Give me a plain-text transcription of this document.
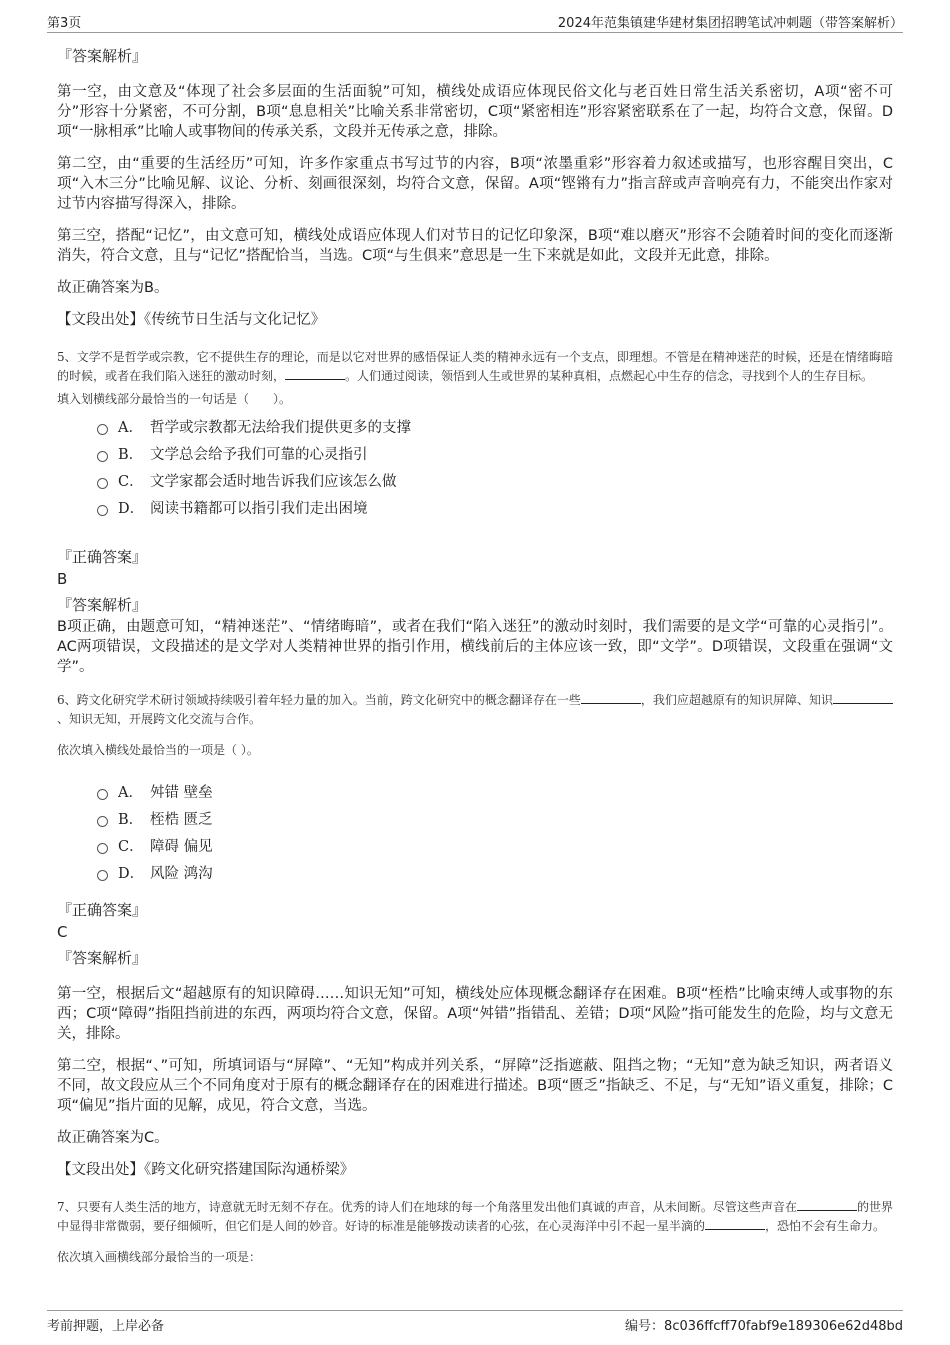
第3页	2024年范集镇建华建材集团招聘笔试冲刺题（带答案解析）
『答案解析』

第一空，由文意及“体现了社会多层面的生活面貌”可知，横线处成语应体现民俗文化与老百姓日常生活关系密切，A项“密不可分”形容十分紧密，不可分割，B项“息息相关”比喻关系非常密切，C项“紧密相连”形容紧密联系在了一起，均符合文意，保留。D项“一脉相承”比喻人或事物间的传承关系，文段并无传承之意，排除。

第二空，由“重要的生活经历”可知，许多作家重点书写过节的内容，B项“浓墨重彩”形容着力叙述或描写，也形容醒目突出，C项“入木三分”比喻见解、议论、分析、刻画很深刻，均符合文意，保留。A项“铿锵有力”指言辞或声音响亮有力，不能突出作家对过节内容描写得深入，排除。

第三空，搭配“记忆”，由文意可知，横线处成语应体现人们对节日的记忆印象深，B项“难以磨灭”形容不会随着时间的变化而逐渐消失，符合文意，且与“记忆”搭配恰当，当选。C项“与生俱来”意思是一生下来就是如此，文段并无此意，排除。

故正确答案为B。

【文段出处】《传统节日生活与文化记忆》

5、文学不是哲学或宗教，它不提供生存的理论，而是以它对世界的感悟保证人类的精神永远有一个支点，即理想。不管是在精神迷茫的时候，还是在情绪晦暗的时候，或者在我们陷入迷狂的激动时刻，	。人们通过阅读，领悟到人生或世界的某种真相，点燃起心中生存的信念，寻找到个人的生存目标。

填入划横线部分最恰当的一句话是（　　）。
A． 哲学或宗教都无法给我们提供更多的支撑
B． 文学总会给予我们可靠的心灵指引
C． 文学家都会适时地告诉我们应该怎么做
D． 阅读书籍都可以指引我们走出困境
『正确答案』
B
『答案解析』

B项正确，由题意可知，“精神迷茫”、“情绪晦暗”，或者在我们“陷入迷狂”的激动时刻时，我们需要的是文学“可靠的心灵指引”。AC两项错误，文段描述的是文学对人类精神世界的指引作用，横线前后的主体应该一致，即“文学”。D项错误，文段重在强调“文学”。

6、跨文化研究学术研讨领域持续吸引着年轻力量的加入。当前，跨文化研究中的概念翻译存在一些	，我们应超越原有的知识屏障、知识、知识无知，开展跨文化交流与合作。

依次填入横线处最恰当的一项是（ ）。
A． 舛错 壁垒
B． 桎梏 匮乏
C． 障碍 偏见
D． 风险 鸿沟
『正确答案』
C
『答案解析』

第一空，根据后文“超越原有的知识障碍……知识无知”可知，横线处应体现概念翻译存在困难。B项“桎梏”比喻束缚人或事物的东西；C项“障碍”指阻挡前进的东西，两项均符合文意，保留。A项“舛错”指错乱、差错；D项“风险”指可能发生的危险，均与文意无关，排除。

第二空，根据“、”可知，所填词语与“屏障”、“无知”构成并列关系，“屏障”泛指遮蔽、阻挡之物；“无知”意为缺乏知识，两者语义不同，故文段应从三个不同角度对于原有的概念翻译存在的困难进行描述。B项“匮乏”指缺乏、不足，与“无知”语义重复，排除；C项“偏见”指片面的见解，成见，符合文意，当选。

故正确答案为C。

【文段出处】《跨文化研究搭建国际沟通桥梁》

7、只要有人类生活的地方，诗意就无时无刻不存在。优秀的诗人们在地球的每一个角落里发出他们真诚的声音，从未间断。尽管这些声音在	的世界中显得非常微弱，要仔细倾听，但它们是人间的妙音。好诗的标准是能够拨动读者的心弦，在心灵海洋中引不起一星半滴的	，恐怕不会有生命力。

依次填入画横线部分最恰当的一项是：
考前押题，上岸必备	编号：8c036ffcff70fabf9e189306e62d48bd
